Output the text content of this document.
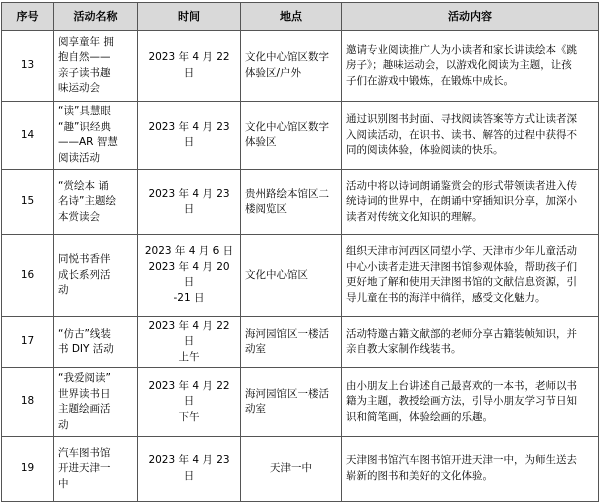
序号	活动名称	时间	地点	活动内容
13	阅享童年 拥
抱自然——
亲子读书趣
味运动会	2023 年 4 月 22 日	文化中心馆区数字
体验区/户外	邀请专业阅读推广人为小读者和家长讲读绘本《跳
房子》；趣味运动会，以游戏化阅读为主题，让孩
子们在游戏中锻炼，在锻炼中成长。

14	“读”具慧眼
“趣”识经典
——AR 智慧
阅读活动	2023 年 4 月 23 日	文化中心馆区数字
体验区	通过识别图书封面、寻找阅读答案等方式让读者深
入阅读活动，在识书、读书、解答的过程中获得不
同的阅读体验，体验阅读的快乐。

15	“赏绘本 诵
名诗”主题绘
本赏读会	2023 年 4 月 23 日	贵州路绘本馆区二
楼阅览区	活动中将以诗词朗诵鉴赏会的形式带领读者进入传
统诗词的世界中，在朗诵中穿插知识分享，加深小
读者对传统文化知识的理解。

16	同悦书香伴
成长系列活
动	2023 年 4 月 6 日
2023 年 4 月 20 日
-21 日	文化中心馆区	组织天津市河西区同望小学、天津市少年儿童活动
中心小读者走进天津图书馆参观体验，帮助孩子们
更好地了解和使用天津图书馆的文献信息资源，引
导儿童在书的海洋中徜徉，感受文化魅力。

17	“仿古”线装
书 DIY 活动	2023 年 4 月 22 日
上午	海河园馆区一楼活
动室	活动特邀古籍文献部的老师分享古籍装帧知识，并
亲自教大家制作线装书。

18	“我爱阅读”
世界读书日
主题绘画活
动	2023 年 4 月 22 日
下午	海河园馆区一楼活
动室	由小朋友上台讲述自己最喜欢的一本书，老师以书
籍为主题，教授绘画方法，引导小朋友学习节日知
识和简笔画，体验绘画的乐趣。

19	汽车图书馆
开进天津一
中	2023 年 4 月 23 日	天津一中	天津图书馆汽车图书馆开进天津一中，为师生送去
崭新的图书和美好的文化体验。
